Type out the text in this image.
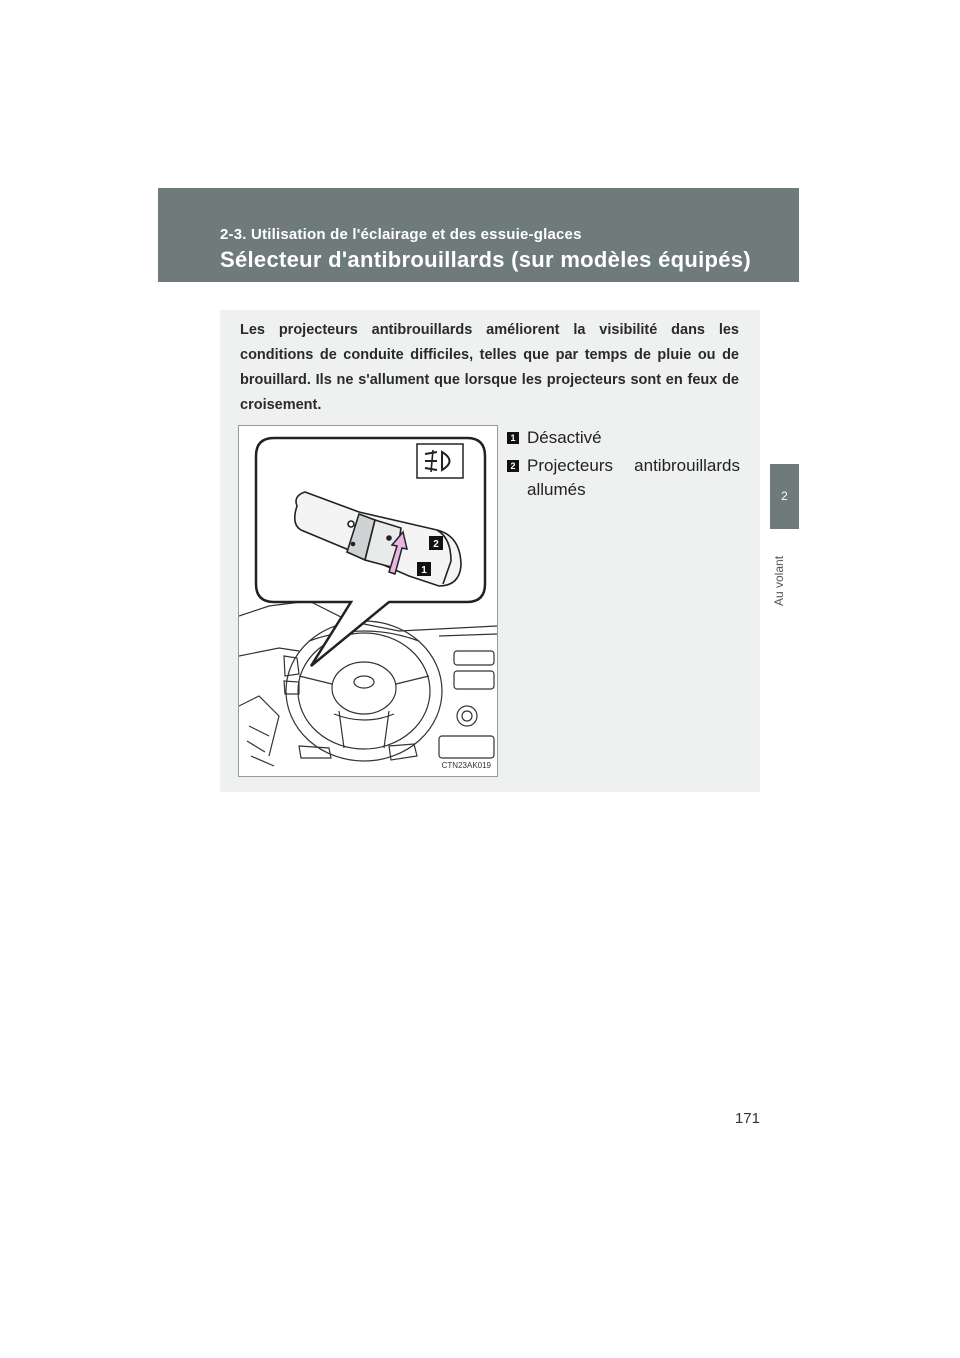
2-3. Utilisation de l'éclairage et des essuie-glaces
Sélecteur d'antibrouillards (sur modèles équipés)
2
Au volant
Les projecteurs antibrouillards améliorent la visibilité dans les conditions de conduite difficiles, telles que par temps de pluie ou de brouillard. Ils ne s'allument que lorsque les projecteurs sont en feux de croisement.
2
1
CTN23AK019
1 Désactivé
2 Projecteurs antibrouillards allumés
171
